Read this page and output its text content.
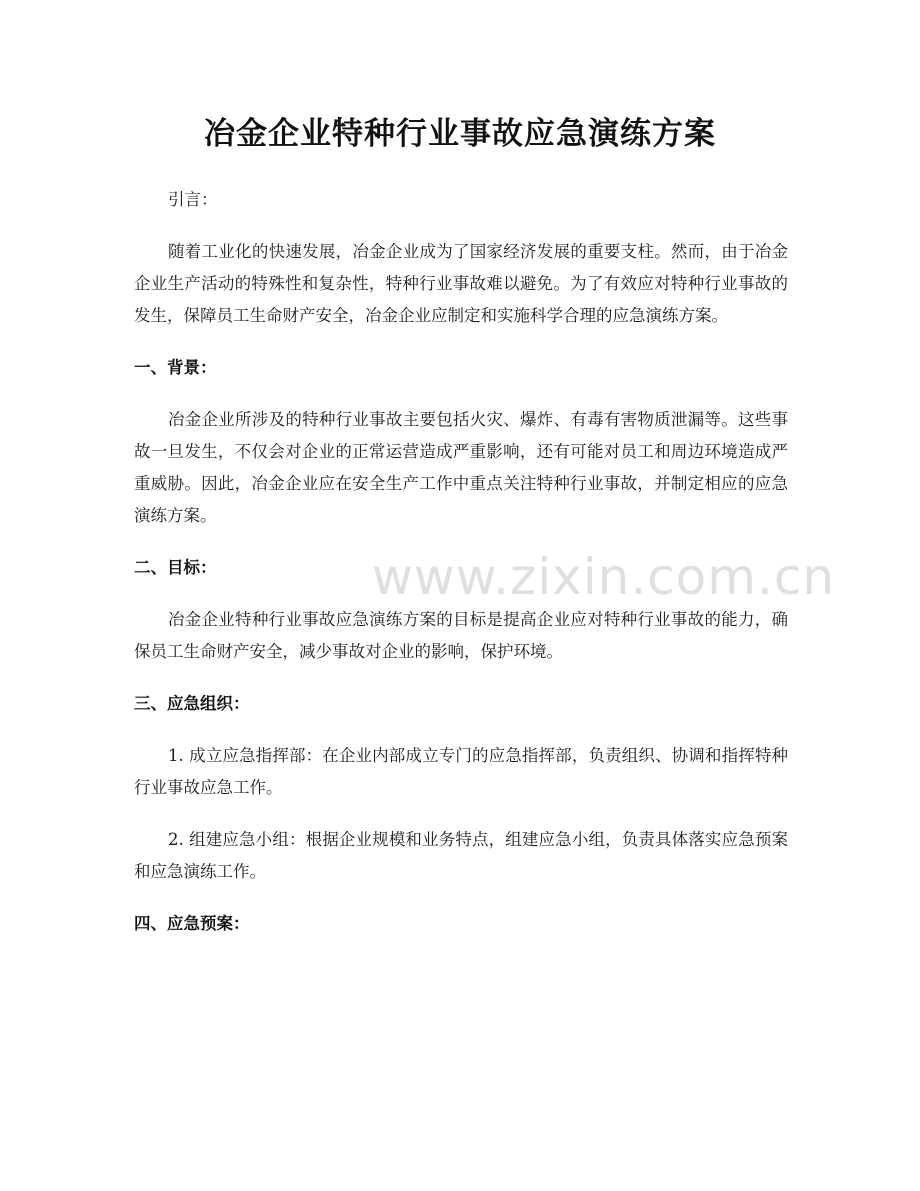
冶金企业特种行业事故应急演练方案

引言：

随着工业化的快速发展，冶金企业成为了国家经济发展的重要支柱。然而，由于冶金企业生产活动的特殊性和复杂性，特种行业事故难以避免。为了有效应对特种行业事故的发生，保障员工生命财产安全，冶金企业应制定和实施科学合理的应急演练方案。

一、背景：

冶金企业所涉及的特种行业事故主要包括火灾、爆炸、有毒有害物质泄漏等。这些事故一旦发生，不仅会对企业的正常运营造成严重影响，还有可能对员工和周边环境造成严重威胁。因此，冶金企业应在安全生产工作中重点关注特种行业事故，并制定相应的应急演练方案。

二、目标：

冶金企业特种行业事故应急演练方案的目标是提高企业应对特种行业事故的能力，确保员工生命财产安全，减少事故对企业的影响，保护环境。

三、应急组织：

1. 成立应急指挥部：在企业内部成立专门的应急指挥部，负责组织、协调和指挥特种行业事故应急工作。

2. 组建应急小组：根据企业规模和业务特点，组建应急小组，负责具体落实应急预案和应急演练工作。

四、应急预案：
www.zixin.com.cn
